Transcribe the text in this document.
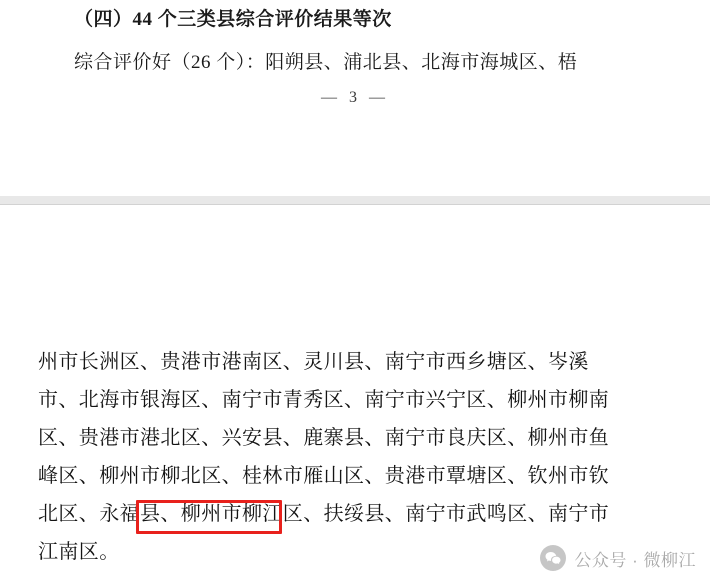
（四）44 个三类县综合评价结果等次
综合评价好（26 个）：阳朔县、浦北县、北海市海城区、梧
— 3 —
州市长洲区、贵港市港南区、灵川县、南宁市西乡塘区、岑溪
市、北海市银海区、南宁市青秀区、南宁市兴宁区、柳州市柳南
区、贵港市港北区、兴安县、鹿寨县、南宁市良庆区、柳州市鱼
峰区、柳州市柳北区、桂林市雁山区、贵港市覃塘区、钦州市钦
北区、永福县、柳州市柳江区、扶绥县、南宁市武鸣区、南宁市
江南区。	公众号 · 微柳江
